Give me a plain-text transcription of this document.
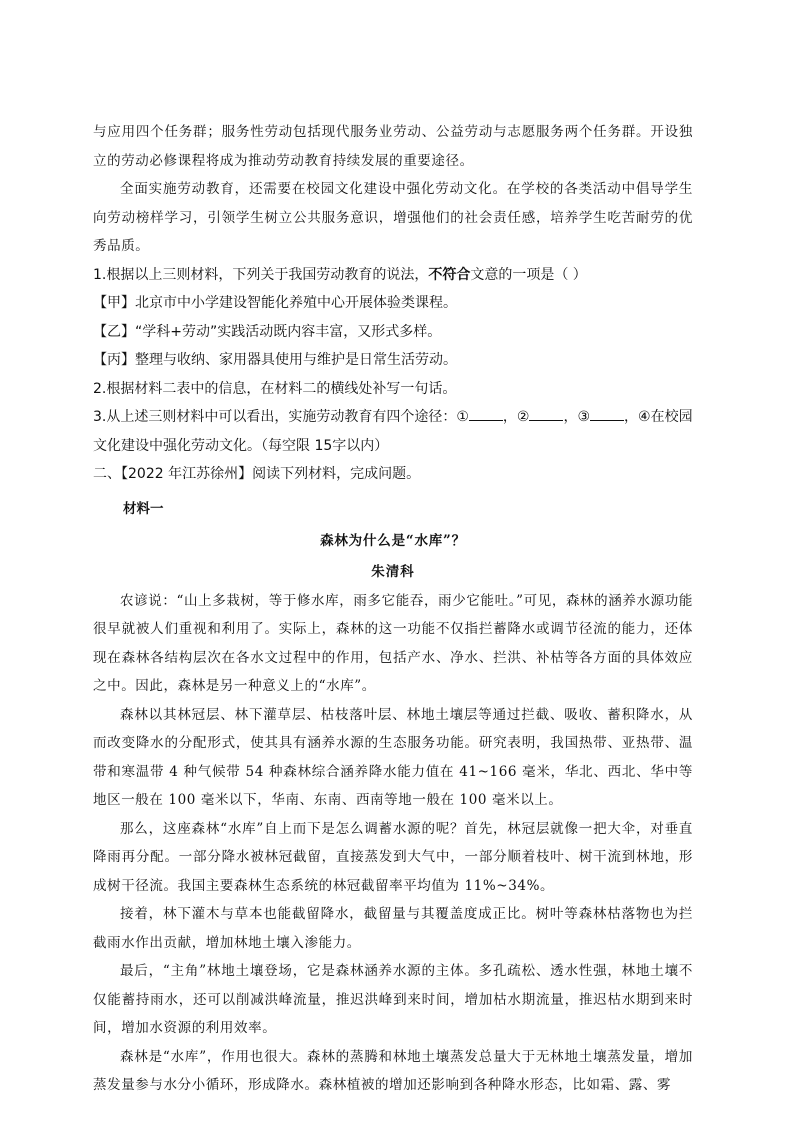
与应用四个任务群；服务性劳动包括现代服务业劳动、公益劳动与志愿服务两个任务群。开设独立的劳动必修课程将成为推动劳动教育持续发展的重要途径。

全面实施劳动教育，还需要在校园文化建设中强化劳动文化。在学校的各类活动中倡导学生向劳动榜样学习，引领学生树立公共服务意识，增强他们的社会责任感，培养学生吃苦耐劳的优秀品质。

1.根据以上三则材料，下列关于我国劳动教育的说法，不符合文意的一项是（ ）

【甲】北京市中小学建设智能化养殖中心开展体验类课程。

【乙】“学科+劳动”实践活动既内容丰富，又形式多样。

【丙】整理与收纳、家用器具使用与维护是日常生活劳动。

2.根据材料二表中的信息，在材料二的横线处补写一句话。

3.从上述三则材料中可以看出，实施劳动教育有四个途径：① ，② ，③ ，④在校园文化建设中强化劳动文化。（每空限 15字以内）

二、【2022 年江苏徐州】阅读下列材料，完成问题。

材料一

森林为什么是“水库”？

朱清科

农谚说：“山上多栽树，等于修水库，雨多它能吞，雨少它能吐。”可见，森林的涵养水源功能很早就被人们重视和利用了。实际上，森林的这一功能不仅指拦蓄降水或调节径流的能力，还体现在森林各结构层次在各水文过程中的作用，包括产水、净水、拦洪、补枯等各方面的具体效应之中。因此，森林是另一种意义上的“水库”。

森林以其林冠层、林下灌草层、枯枝落叶层、林地土壤层等通过拦截、吸收、蓄积降水，从而改变降水的分配形式，使其具有涵养水源的生态服务功能。研究表明，我国热带、亚热带、温带和寒温带 4 种气候带 54 种森林综合涵养降水能力值在 41~166 毫米，华北、西北、华中等地区一般在 100 毫米以下，华南、东南、西南等地一般在 100 毫米以上。

那么，这座森林“水库”自上而下是怎么调蓄水源的呢？首先，林冠层就像一把大伞，对垂直降雨再分配。一部分降水被林冠截留，直接蒸发到大气中，一部分顺着枝叶、树干流到林地，形成树干径流。我国主要森林生态系统的林冠截留率平均值为 11%~34%。

接着，林下灌木与草本也能截留降水，截留量与其覆盖度成正比。树叶等森林枯落物也为拦截雨水作出贡献，增加林地土壤入渗能力。

最后，“主角”林地土壤登场，它是森林涵养水源的主体。多孔疏松、透水性强，林地土壤不仅能蓄持雨水，还可以削减洪峰流量，推迟洪峰到来时间，增加枯水期流量，推迟枯水期到来时间，增加水资源的利用效率。

森林是“水库”，作用也很大。森林的蒸腾和林地土壤蒸发总量大于无林地土壤蒸发量，增加蒸发量参与水分小循环，形成降水。森林植被的增加还影响到各种降水形态，比如霜、露、雾
